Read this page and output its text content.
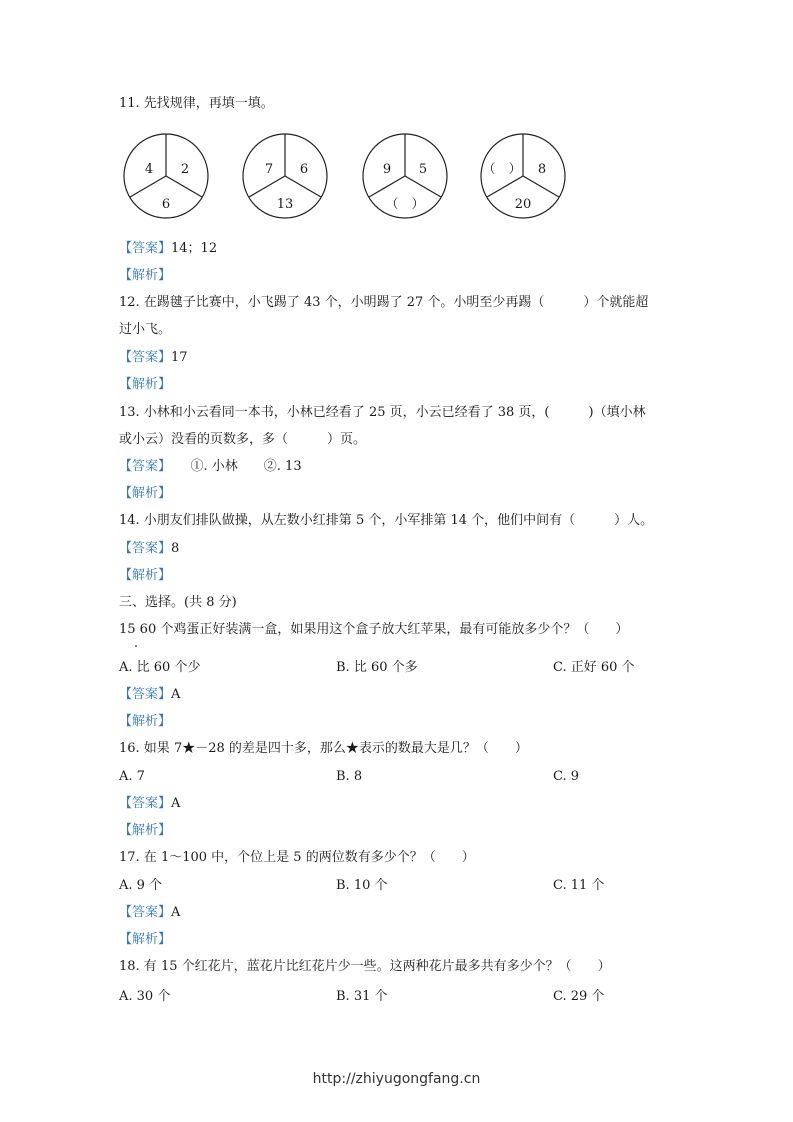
11. 先找规律，再填一填。
4 2
6
7 6
13
9 5
（　）
（　） 8
20
【答案】14；12
【解析】
12. 在踢毽子比赛中，小飞踢了 43 个，小明踢了 27 个。小明至少再踢（　　　）个就能超
过小飞。
【答案】17
【解析】
13. 小林和小云看同一本书，小林已经看了 25 页，小云已经看了 38 页，(　　　)（填小林
或小云）没看的页数多，多（　　　）页。
【答案】　　①. 小林　　②. 13
【解析】
14. 小朋友们排队做操，从左数小红排第 5 个，小军排第 14 个，他们中间有（　　　）人。
【答案】8
【解析】
三、选择。(共 8 分)
15 60 个鸡蛋正好装满一盒，如果用这个盒子放大红苹果，最有可能放多少个？（　　）
A. 比 60 个少	B. 比 60 个多	C. 正好 60 个
【答案】A
【解析】
16. 如果 7★－28 的差是四十多，那么★表示的数最大是几？（　　）
A. 7	B. 8	C. 9
【答案】A
【解析】
17. 在 1～100 中，个位上是 5 的两位数有多少个？（　　）
A. 9 个	B. 10 个	C. 11 个
【答案】A
【解析】
18. 有 15 个红花片，蓝花片比红花片少一些。这两种花片最多共有多少个？（　　）
A. 30 个	B. 31 个	C. 29 个
http://zhiyugongfang.cn
